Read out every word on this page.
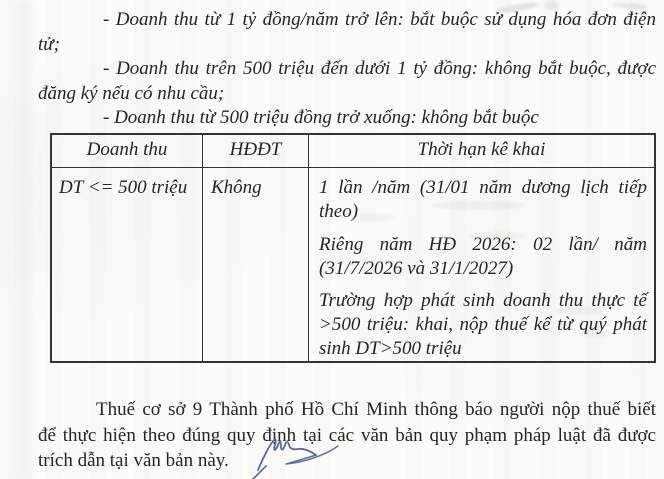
- Doanh thu từ 1 tỷ đồng/năm trở lên: bắt buộc sử dụng hóa đơn điện
tử;
- Doanh thu trên 500 triệu đến dưới 1 tỷ đồng: không bắt buộc, được
đăng ký nếu có nhu cầu;
- Doanh thu từ 500 triệu đồng trở xuống: không bắt buộc
Doanh thu	HĐĐT	Thời hạn kê khai
DT <= 500 triệu	Không	1 lần /năm (31/01 năm dương lịch tiếp
theo)
Riêng năm HĐ 2026: 02 lần/ năm
(31/7/2026 và 31/1/2027)
Trường hợp phát sinh doanh thu thực tế
>500 triệu: khai, nộp thuế kể từ quý phát
sinh DT>500 triệu
Thuế cơ sở 9 Thành phố Hồ Chí Minh thông báo người nộp thuế biết
để thực hiện theo đúng quy định tại các văn bản quy phạm pháp luật đã được
trích dẫn tại văn bản này.
